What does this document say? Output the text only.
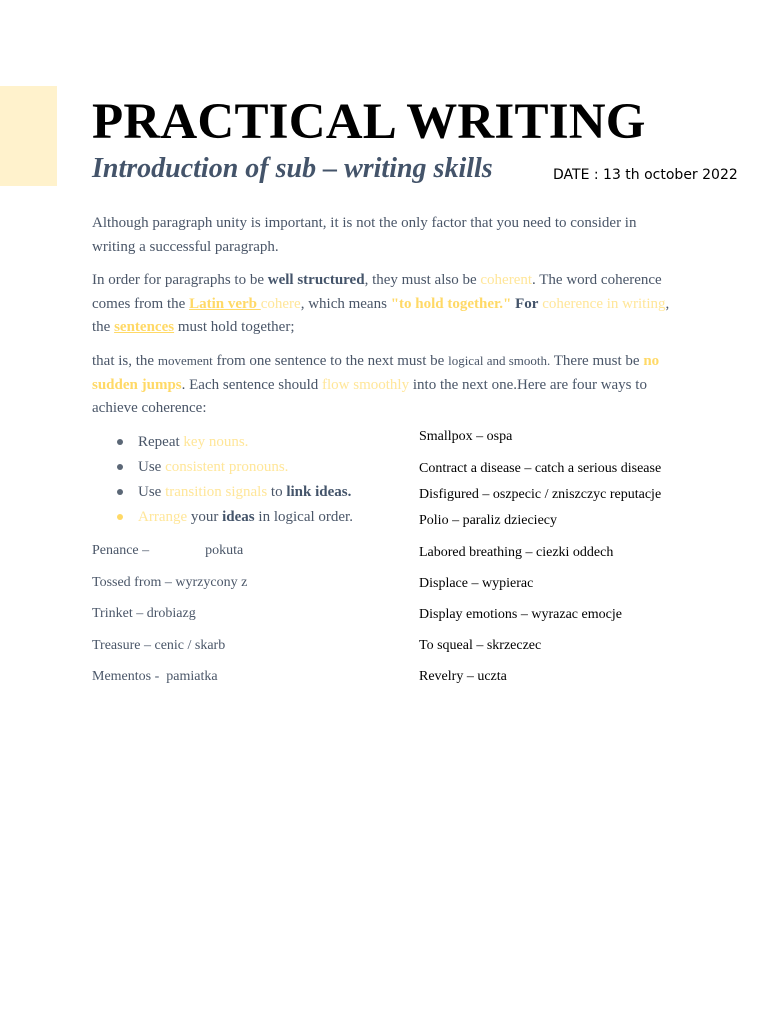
PRACTICAL WRITING
Introduction of sub – writing skills	DATE : 13 th october 2022

Although paragraph unity is important, it is not the only factor that you need to consider in writing a successful paragraph.

In order for paragraphs to be well structured, they must also be coherent. The word coherence comes from the Latin verb cohere, which means "to hold together." For coherence in writing, the sentences must hold together;

that is, the movement from one sentence to the next must be logical and smooth. There must be no sudden jumps. Each sentence should flow smoothly into the next one.Here are four ways to achieve coherence:

Repeat key nouns.
Use consistent pronouns.
Use transition signals to link ideas.
Arrange your ideas in logical order.
Penance –                pokuta
Tossed from – wyrzycony z
Trinket – drobiazg
Treasure – cenic / skarb
Mementos -  pamiatka
Smallpox – ospa
Contract a disease – catch a serious disease
Disfigured – oszpecic / zniszczyc reputacje
Polio – paraliz dzieciecy
Labored breathing – ciezki oddech
Displace – wypierac
Display emotions – wyrazac emocje
To squeal – skrzeczec
Revelry – uczta
